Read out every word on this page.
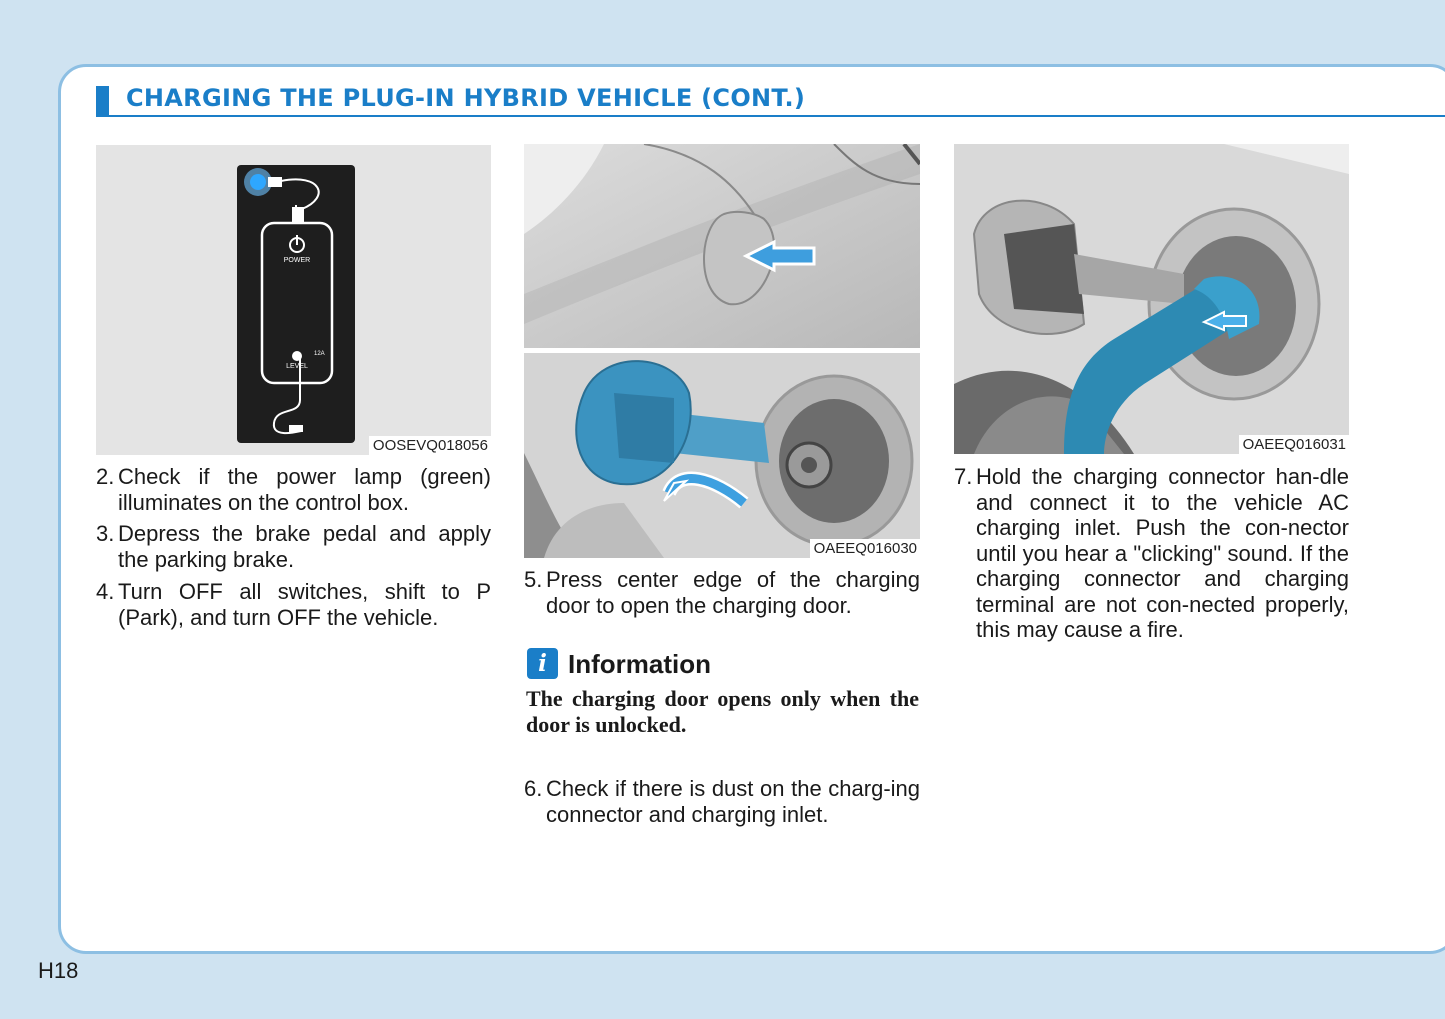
CHARGING THE PLUG-IN HYBRID VEHICLE (CONT.)
POWER
LEVEL
12A
OOSEVQ018056
OAEEQ016030
OAEEQ016031
2. Check if the power lamp (green) illuminates on the control box.
3. Depress the brake pedal and apply the parking brake.
4. Turn OFF all switches, shift to P (Park), and turn OFF the vehicle.
5. Press center edge of the charging door to open the charging door.
i Information
The charging door opens only when the door is unlocked.
6. Check if there is dust on the charg-ing connector and charging inlet.
7. Hold the charging connector han-dle and connect it to the vehicle AC charging inlet. Push the con-nector until you hear a "clicking" sound. If the charging connector and charging terminal are not con-nected properly, this may cause a fire.
H18
